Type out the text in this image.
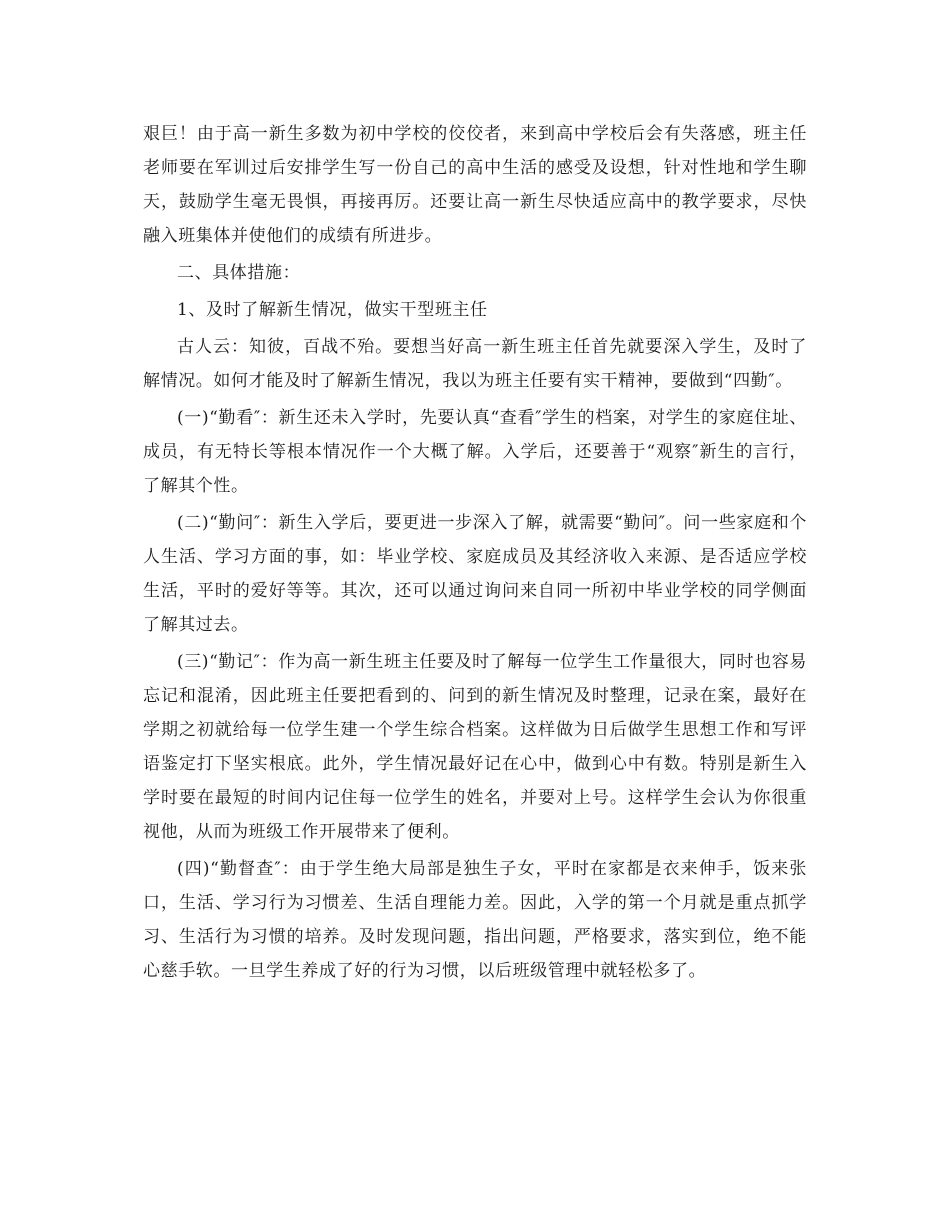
艰巨！由于高一新生多数为初中学校的佼佼者，来到高中学校后会有失落感，班主任老师要在军训过后安排学生写一份自己的高中生活的感受及设想，针对性地和学生聊天，鼓励学生毫无畏惧，再接再厉。还要让高一新生尽快适应高中的教学要求，尽快融入班集体并使他们的成绩有所进步。

二、具体措施：

1、及时了解新生情况，做实干型班主任

古人云：知彼，百战不殆。要想当好高一新生班主任首先就要深入学生，及时了解情况。如何才能及时了解新生情况，我以为班主任要有实干精神，要做到“四勤″。

(一)“勤看″：新生还未入学时，先要认真“查看″学生的档案，对学生的家庭住址、成员，有无特长等根本情况作一个大概了解。入学后，还要善于“观察″新生的言行，了解其个性。

(二)“勤问″：新生入学后，要更进一步深入了解，就需要“勤问″。问一些家庭和个人生活、学习方面的事，如：毕业学校、家庭成员及其经济收入来源、是否适应学校生活，平时的爱好等等。其次，还可以通过询问来自同一所初中毕业学校的同学侧面了解其过去。

(三)“勤记″：作为高一新生班主任要及时了解每一位学生工作量很大，同时也容易忘记和混淆，因此班主任要把看到的、问到的新生情况及时整理，记录在案，最好在学期之初就给每一位学生建一个学生综合档案。这样做为日后做学生思想工作和写评语鉴定打下坚实根底。此外，学生情况最好记在心中，做到心中有数。特别是新生入学时要在最短的时间内记住每一位学生的姓名，并要对上号。这样学生会认为你很重视他，从而为班级工作开展带来了便利。

(四)“勤督查″：由于学生绝大局部是独生子女，平时在家都是衣来伸手，饭来张口，生活、学习行为习惯差、生活自理能力差。因此，入学的第一个月就是重点抓学习、生活行为习惯的培养。及时发现问题，指出问题，严格要求，落实到位，绝不能心慈手软。一旦学生养成了好的行为习惯，以后班级管理中就轻松多了。
